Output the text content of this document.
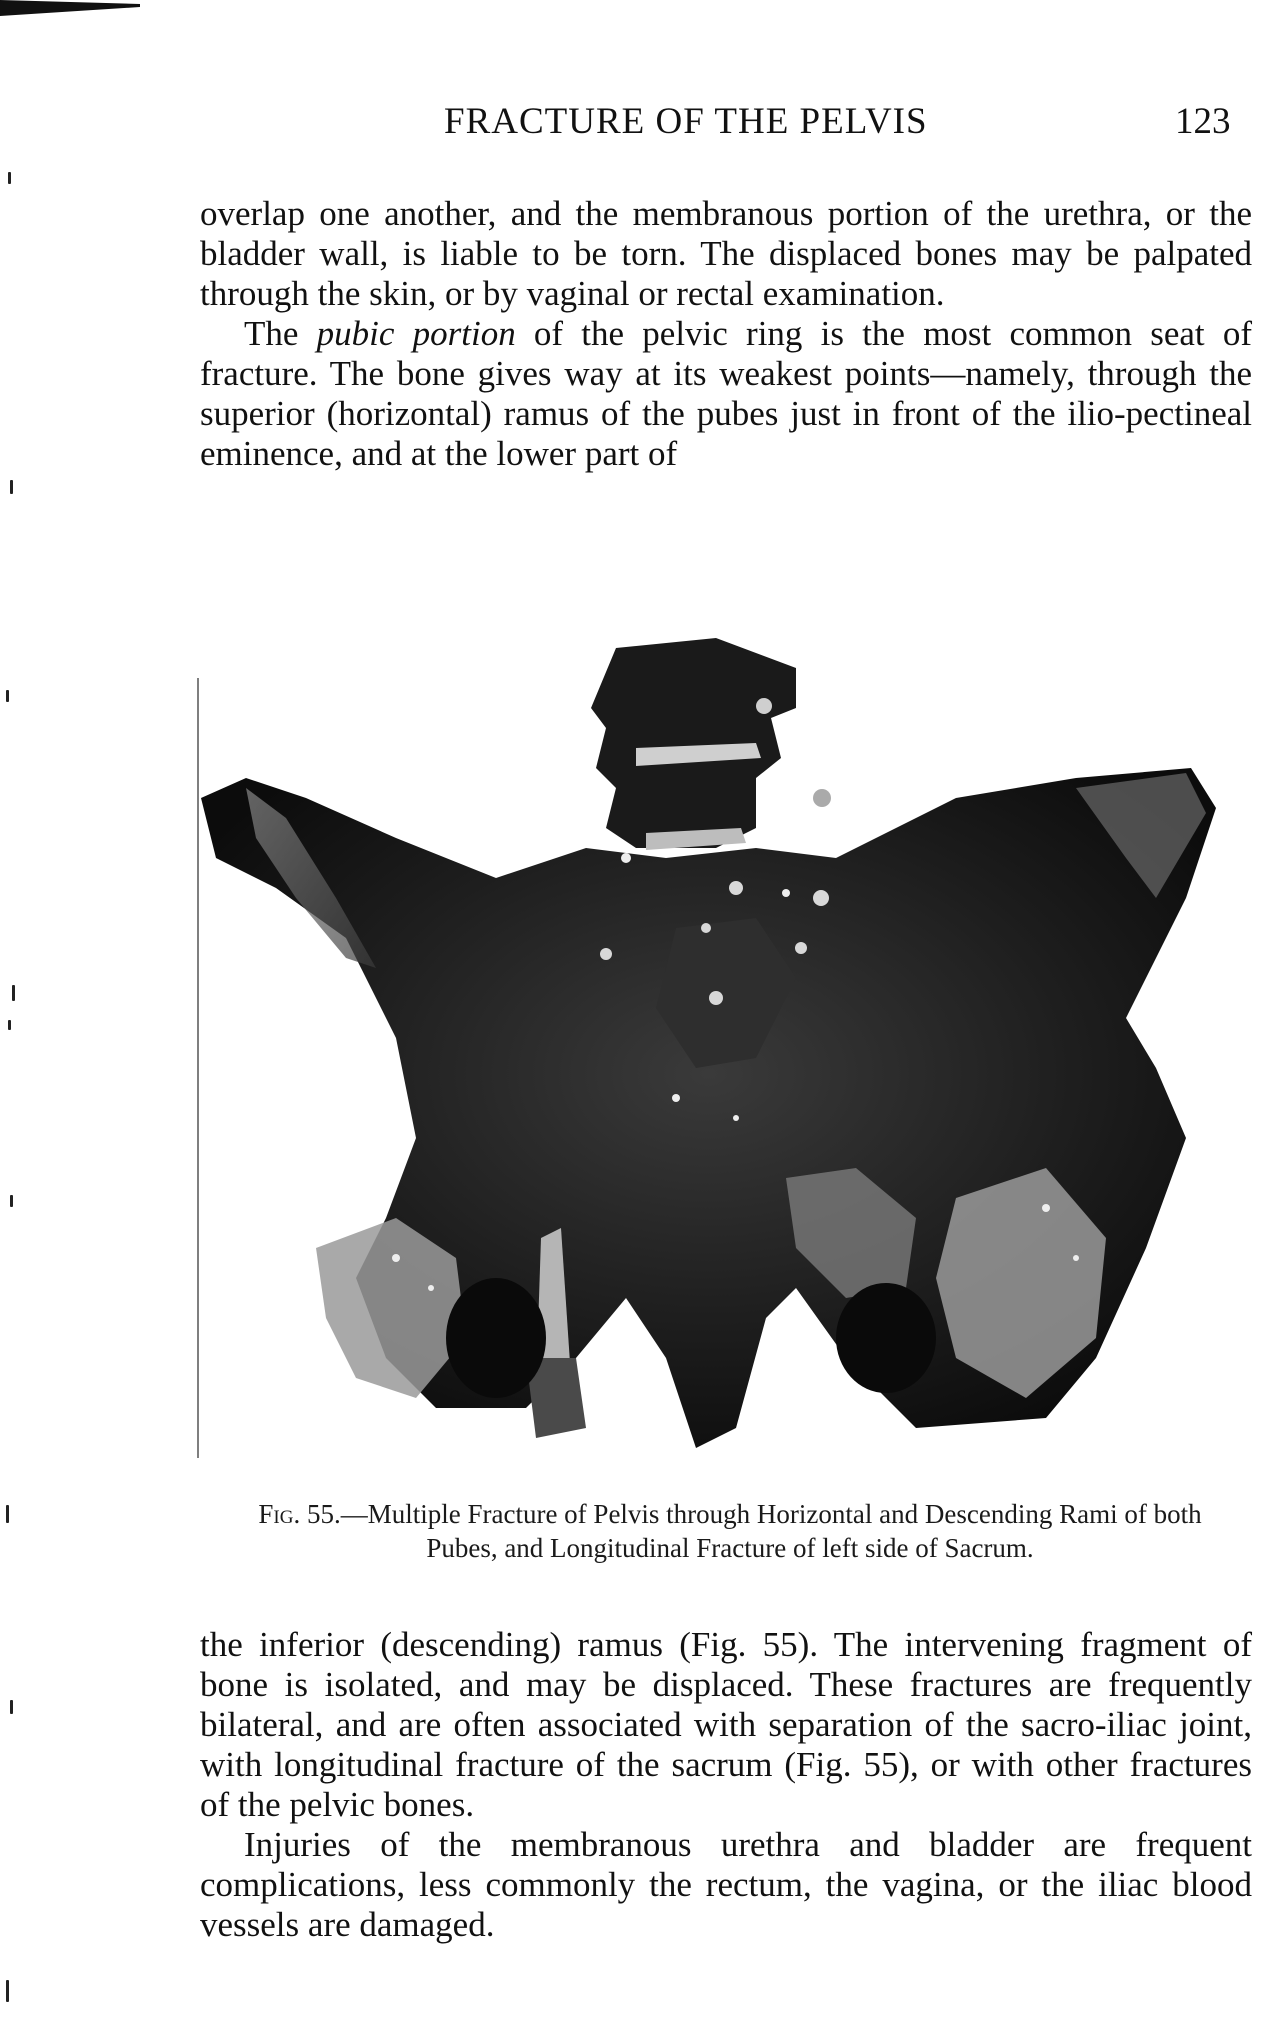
FRACTURE OF THE PELVIS	123

overlap one another, and the membranous portion of the urethra, or the bladder wall, is liable to be torn. The displaced bones may be palpated through the skin, or by vaginal or rectal examination.

The pubic portion of the pelvic ring is the most common seat of fracture. The bone gives way at its weakest points—namely, through the superior (horizontal) ramus of the pubes just in front of the ilio-pectineal eminence, and at the lower part of

Fig. 55.—Multiple Fracture of Pelvis through Horizontal and Descending Rami of both Pubes, and Longitudinal Fracture of left side of Sacrum.

the inferior (descending) ramus (Fig. 55). The intervening fragment of bone is isolated, and may be displaced. These fractures are frequently bilateral, and are often associated with separation of the sacro-iliac joint, with longitudinal fracture of the sacrum (Fig. 55), or with other fractures of the pelvic bones.

Injuries of the membranous urethra and bladder are frequent complications, less commonly the rectum, the vagina, or the iliac blood vessels are damaged.
